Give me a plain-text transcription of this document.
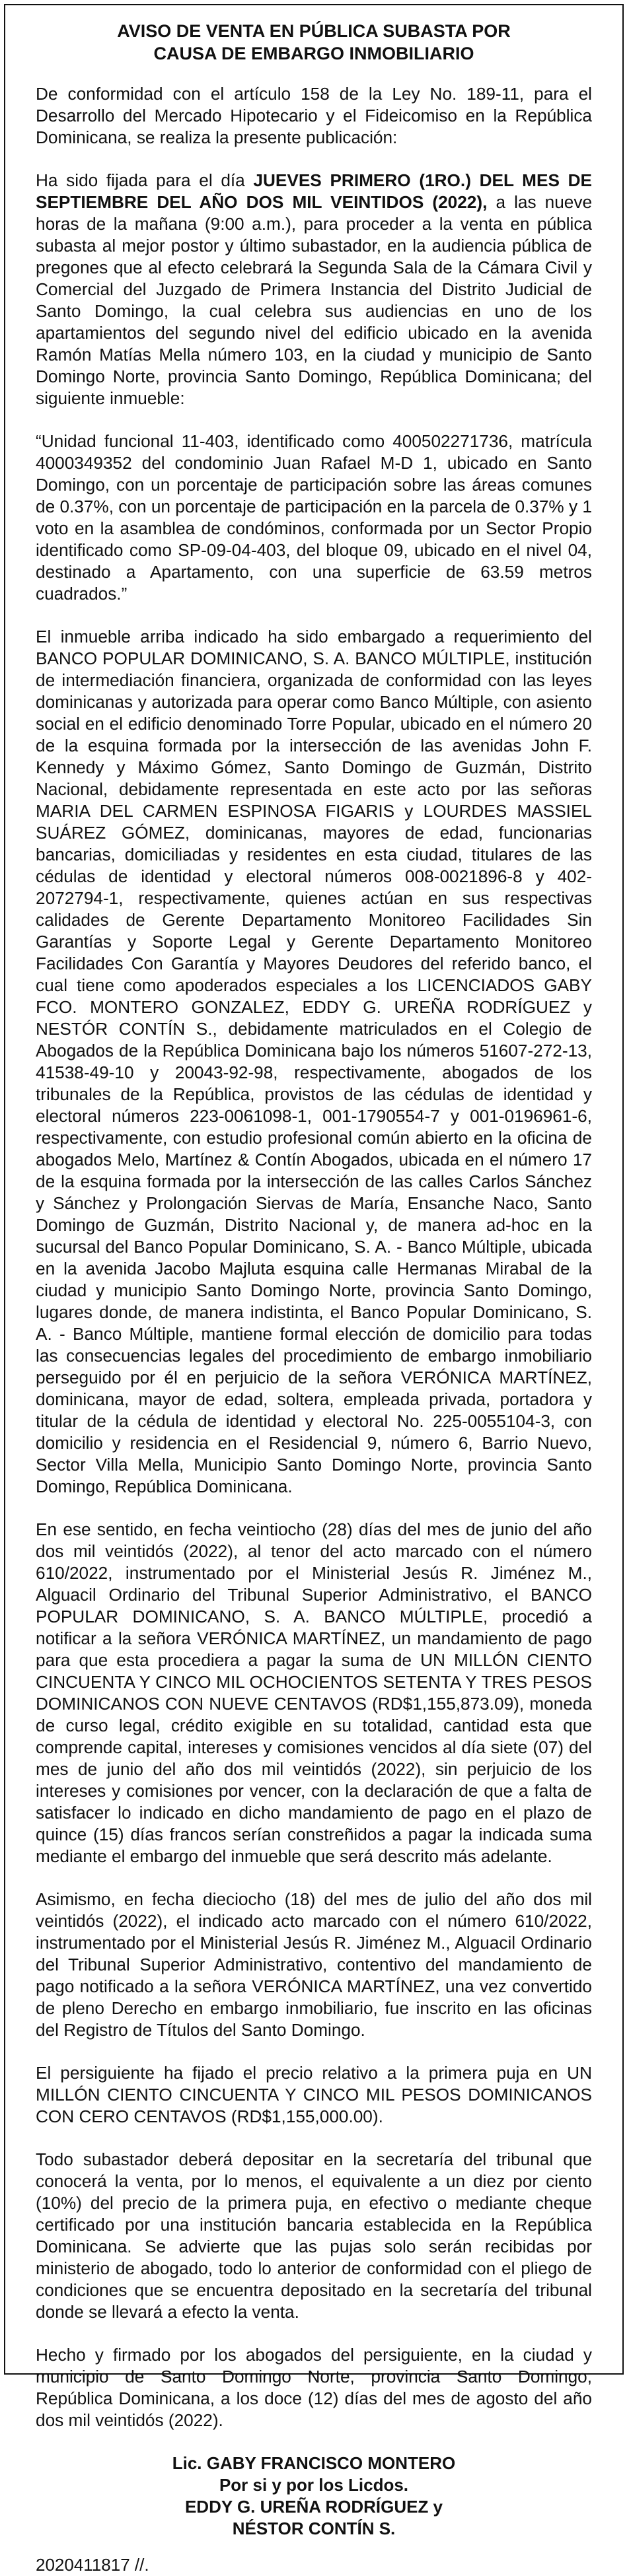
AVISO DE VENTA EN PÚBLICA SUBASTA POR
CAUSA DE EMBARGO INMOBILIARIO

De conformidad con el artículo 158 de la Ley No. 189-11, para el Desarrollo del Mercado Hipotecario y el Fideicomiso en la República Dominicana, se realiza la presente publicación:

Ha sido fijada para el día JUEVES PRIMERO (1RO.) DEL MES DE SEPTIEMBRE DEL AÑO DOS MIL VEINTIDOS (2022), a las nueve horas de la mañana (9:00 a.m.), para proceder a la venta en pública subasta al mejor postor y último subastador, en la audiencia pública de pregones que al efecto celebrará la Segunda Sala de la Cámara Civil y Comercial del Juzgado de Primera Instancia del Distrito Judicial de Santo Domingo, la cual celebra sus audiencias en uno de los apartamientos del segundo nivel del edificio ubicado en la avenida Ramón Matías Mella número 103, en la ciudad y municipio de Santo Domingo Norte, provincia Santo Domingo, República Dominicana; del siguiente inmueble:

“Unidad funcional 11-403, identificado como 400502271736, matrícula 4000349352 del condominio Juan Rafael M-D 1, ubicado en Santo Domingo, con un porcentaje de participación sobre las áreas comunes de 0.37%, con un porcentaje de participación en la parcela de 0.37% y 1 voto en la asamblea de condóminos, conformada por un Sector Propio identificado como SP-09-04-403, del bloque 09, ubicado en el nivel 04, destinado a Apartamento, con una superficie de 63.59 metros cuadrados.”

El inmueble arriba indicado ha sido embargado a requerimiento del BANCO POPULAR DOMINICANO, S. A. BANCO MÚLTIPLE, institución de intermediación financiera, organizada de conformidad con las leyes dominicanas y autorizada para operar como Banco Múltiple, con asiento social en el edificio denominado Torre Popular, ubicado en el número 20 de la esquina formada por la intersección de las avenidas John F. Kennedy y Máximo Gómez, Santo Domingo de Guzmán, Distrito Nacional, debidamente representada en este acto por las señoras MARIA DEL CARMEN ESPINOSA FIGARIS y LOURDES MASSIEL SUÁREZ GÓMEZ, dominicanas, mayores de edad, funcionarias bancarias, domiciliadas y residentes en esta ciudad, titulares de las cédulas de identidad y electoral números 008-0021896-8 y 402-2072794-1, respectivamente, quienes actúan en sus respectivas calidades de Gerente Departamento Monitoreo Facilidades Sin Garantías y Soporte Legal y Gerente Departamento Monitoreo Facilidades Con Garantía y Mayores Deudores del referido banco, el cual tiene como apoderados especiales a los LICENCIADOS GABY FCO. MONTERO GONZALEZ, EDDY G. UREÑA RODRÍGUEZ y NESTÓR CONTÍN S., debidamente matriculados en el Colegio de Abogados de la República Dominicana bajo los números 51607-272-13, 41538-49-10 y 20043-92-98, respectivamente, abogados de los tribunales de la República, provistos de las cédulas de identidad y electoral números 223-0061098-1, 001-1790554-7 y 001-0196961-6, respectivamente, con estudio profesional común abierto en la oficina de abogados Melo, Martínez & Contín Abogados, ubicada en el número 17 de la esquina formada por la intersección de las calles Carlos Sánchez y Sánchez y Prolongación Siervas de María, Ensanche Naco, Santo Domingo de Guzmán, Distrito Nacional y, de manera ad-hoc en la sucursal del Banco Popular Dominicano, S. A. - Banco Múltiple, ubicada en la avenida Jacobo Majluta esquina calle Hermanas Mirabal de la ciudad y municipio Santo Domingo Norte, provincia Santo Domingo, lugares donde, de manera indistinta, el Banco Popular Dominicano, S. A. - Banco Múltiple, mantiene formal elección de domicilio para todas las consecuencias legales del procedimiento de embargo inmobiliario perseguido por él en perjuicio de la señora VERÓNICA MARTÍNEZ, dominicana, mayor de edad, soltera, empleada privada, portadora y titular de la cédula de identidad y electoral No. 225-0055104-3, con domicilio y residencia en el Residencial 9, número 6, Barrio Nuevo, Sector Villa Mella, Municipio Santo Domingo Norte, provincia Santo Domingo, República Dominicana.

En ese sentido, en fecha veintiocho (28) días del mes de junio del año dos mil veintidós (2022), al tenor del acto marcado con el número 610/2022, instrumentado por el Ministerial Jesús R. Jiménez M., Alguacil Ordinario del Tribunal Superior Administrativo, el BANCO POPULAR DOMINICANO, S. A. BANCO MÚLTIPLE, procedió a notificar a la señora VERÓNICA MARTÍNEZ, un mandamiento de pago para que esta procediera a pagar la suma de UN MILLÓN CIENTO CINCUENTA Y CINCO MIL OCHOCIENTOS SETENTA Y TRES PESOS DOMINICANOS CON NUEVE CENTAVOS (RD$1,155,873.09), moneda de curso legal, crédito exigible en su totalidad, cantidad esta que comprende capital, intereses y comisiones vencidos al día siete (07) del mes de junio del año dos mil veintidós (2022), sin perjuicio de los intereses y comisiones por vencer, con la declaración de que a falta de satisfacer lo indicado en dicho mandamiento de pago en el plazo de quince (15) días francos serían constreñidos a pagar la indicada suma mediante el embargo del inmueble que será descrito más adelante.

Asimismo, en fecha dieciocho (18) del mes de julio del año dos mil veintidós (2022), el indicado acto marcado con el número 610/2022, instrumentado por el Ministerial Jesús R. Jiménez M., Alguacil Ordinario del Tribunal Superior Administrativo, contentivo del mandamiento de pago notificado a la señora VERÓNICA MARTÍNEZ, una vez convertido de pleno Derecho en embargo inmobiliario, fue inscrito en las oficinas del Registro de Títulos del Santo Domingo.

El persiguiente ha fijado el precio relativo a la primera puja en UN MILLÓN CIENTO CINCUENTA Y CINCO MIL PESOS DOMINICANOS CON CERO CENTAVOS (RD$1,155,000.00).

Todo subastador deberá depositar en la secretaría del tribunal que conocerá la venta, por lo menos, el equivalente a un diez por ciento (10%) del precio de la primera puja, en efectivo o mediante cheque certificado por una institución bancaria establecida en la República Dominicana. Se advierte que las pujas solo serán recibidas por ministerio de abogado, todo lo anterior de conformidad con el pliego de condiciones que se encuentra depositado en la secretaría del tribunal donde se llevará a efecto la venta.

Hecho y firmado por los abogados del persiguiente, en la ciudad y municipio de Santo Domingo Norte, provincia Santo Domingo, República Dominicana, a los doce (12) días del mes de agosto del año dos mil veintidós (2022).

Lic. GABY FRANCISCO MONTERO
Por si y por los Licdos.
EDDY G. UREÑA RODRÍGUEZ y
NÉSTOR CONTÍN S.

2020411817 //.
